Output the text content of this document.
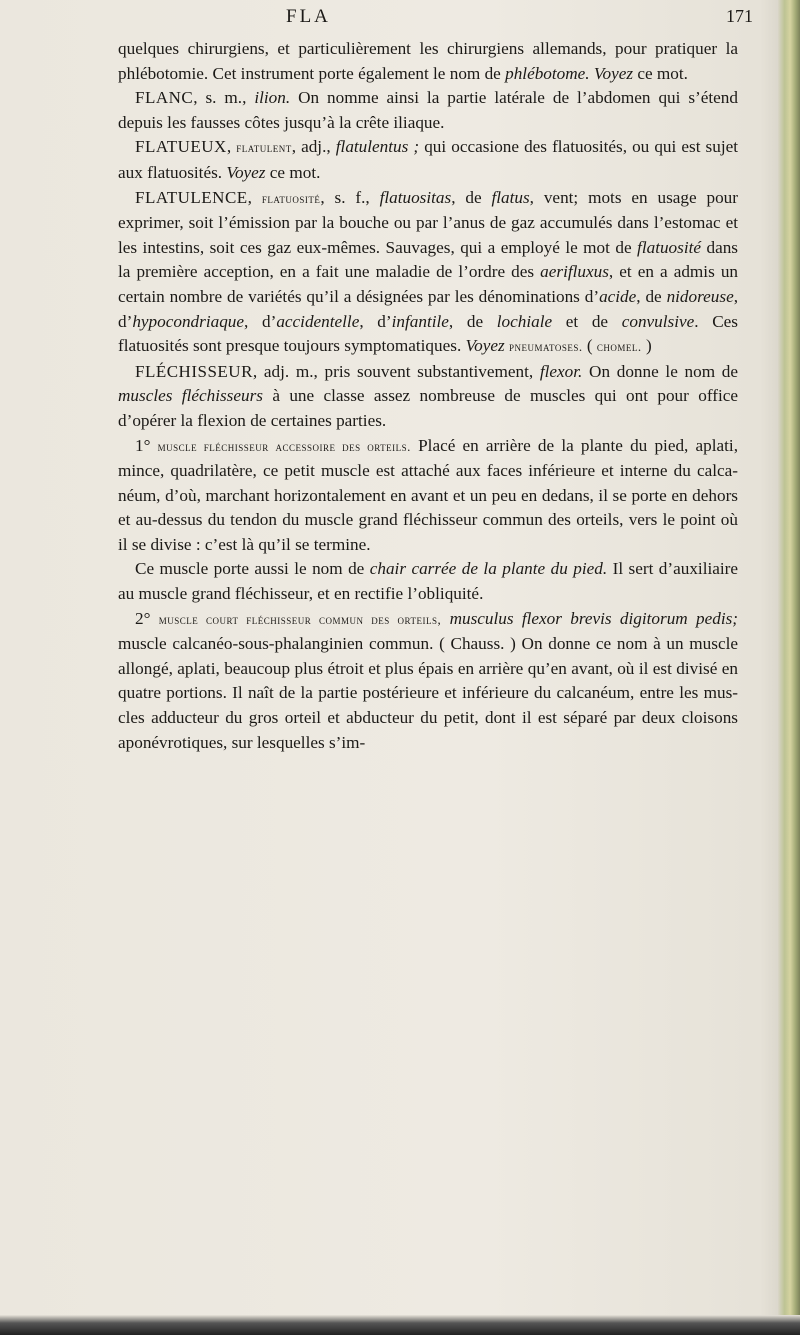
FLA	171

quelques chirurgiens, et particulièrement les chirurgiens allemands, pour pratiquer la phlébotomie. Cet instrument porte également le nom de phlébotome. Voyez ce mot.

FLANC, s. m., ilion. On nomme ainsi la partie latérale de l’abdomen qui s’étend depuis les fausses côtes jusqu’à la crête iliaque.

FLATUEUX, flatulent, adj., flatulentus ; qui occasione des flatuosités, ou qui est sujet aux flatuosités. Voyez ce mot.

FLATULENCE, flatuosité, s. f., flatuositas, de flatus, vent; mots en usage pour exprimer, soit l’émission par la bouche ou par l’anus de gaz accumulés dans l’estomac et les intestins, soit ces gaz eux-mêmes. Sauvages, qui a employé le mot de flatuosité dans la première acception, en a fait une maladie de l’ordre des aerifluxus, et en a admis un certain nombre de variétés qu’il a désignées par les dénominations d’acide, de nidoreuse, d’hypocondriaque, d’accidentelle, d’infantile, de lochiale et de convulsive. Ces flatuosités sont presque toujours symptomatiques. Voyez pneumatoses. ( chomel. )

FLÉCHISSEUR, adj. m., pris souvent substantivement, flexor. On donne le nom de muscles fléchisseurs à une classe assez nombreuse de muscles qui ont pour office d’opérer la flexion de certaines parties.

1° muscle fléchisseur accessoire des orteils. Placé en arrière de la plante du pied, aplati, mince, quadrilatère, ce petit muscle est attaché aux faces inférieure et interne du calcanéum, d’où, marchant horizontalement en avant et un peu en dedans, il se porte en dehors et au-dessus du tendon du muscle grand fléchisseur commun des orteils, vers le point où il se divise : c’est là qu’il se termine.

Ce muscle porte aussi le nom de chair carrée de la plante du pied. Il sert d’auxiliaire au muscle grand fléchisseur, et en rectifie l’obliquité.

2° muscle court fléchisseur commun des orteils, musculus flexor brevis digitorum pedis; muscle calcanéo-sous-phalanginien commun. ( Chauss. ) On donne ce nom à un muscle allongé, aplati, beaucoup plus étroit et plus épais en arrière qu’en avant, où il est divisé en quatre portions. Il naît de la partie postérieure et inférieure du calcanéum, entre les muscles adducteur du gros orteil et abducteur du petit, dont il est séparé par deux cloisons aponévrotiques, sur lesquelles s’im-
